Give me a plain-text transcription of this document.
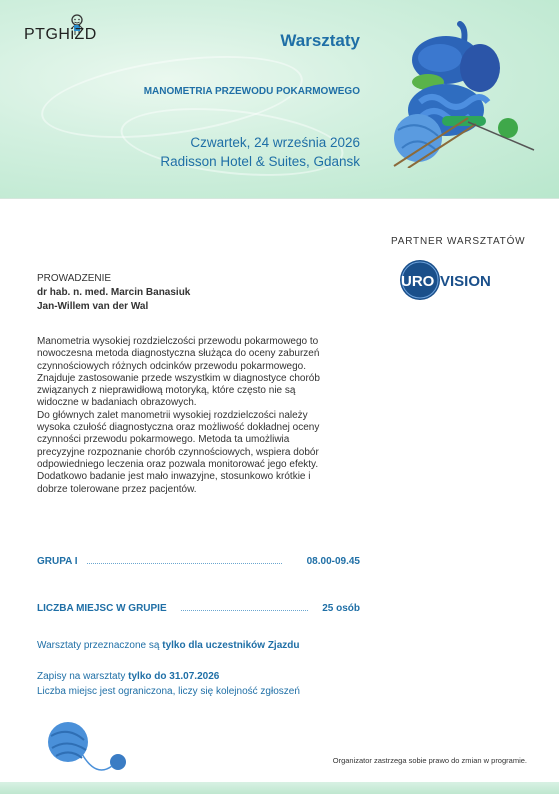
PTGHiŻD	Warsztaty
MANOMETRIA PRZEWODU POKARMOWEGO
Czwartek, 24 września 2026
Radisson Hotel & Suites, Gdansk
PARTNER WARSZTATÓW
URO VISION
PROWADZENIE
dr hab. n. med. Marcin Banasiuk
Jan-Willem van der Wal

Manometria wysokiej rozdzielczości przewodu pokarmowego to nowoczesna metoda diagnostyczna służąca do oceny zaburzeń czynnościowych różnych odcinków przewodu pokarmowego. Znajduje zastosowanie przede wszystkim w diagnostyce chorób związanych z nieprawidłową motoryką, które często nie są widoczne w badaniach obrazowych.

Do głównych zalet manometrii wysokiej rozdzielczości należy wysoka czułość diagnostyczna oraz możliwość dokładnej oceny czynności przewodu pokarmowego. Metoda ta umożliwia precyzyjne rozpoznanie chorób czynnościowych, wspiera dobór odpowiedniego leczenia oraz pozwala monitorować jego efekty. Dodatkowo badanie jest mało inwazyjne, stosunkowo krótkie i dobrze tolerowane przez pacjentów.

GRUPA I	08.00-09.45
LICZBA MIEJSC W GRUPIE	25 osób
Warsztaty przeznaczone są tylko dla uczestników Zjazdu
Zapisy na warsztaty tylko do 31.07.2026
Liczba miejsc jest ograniczona, liczy się kolejność zgłoszeń
Organizator zastrzega sobie prawo do zmian w programie.
